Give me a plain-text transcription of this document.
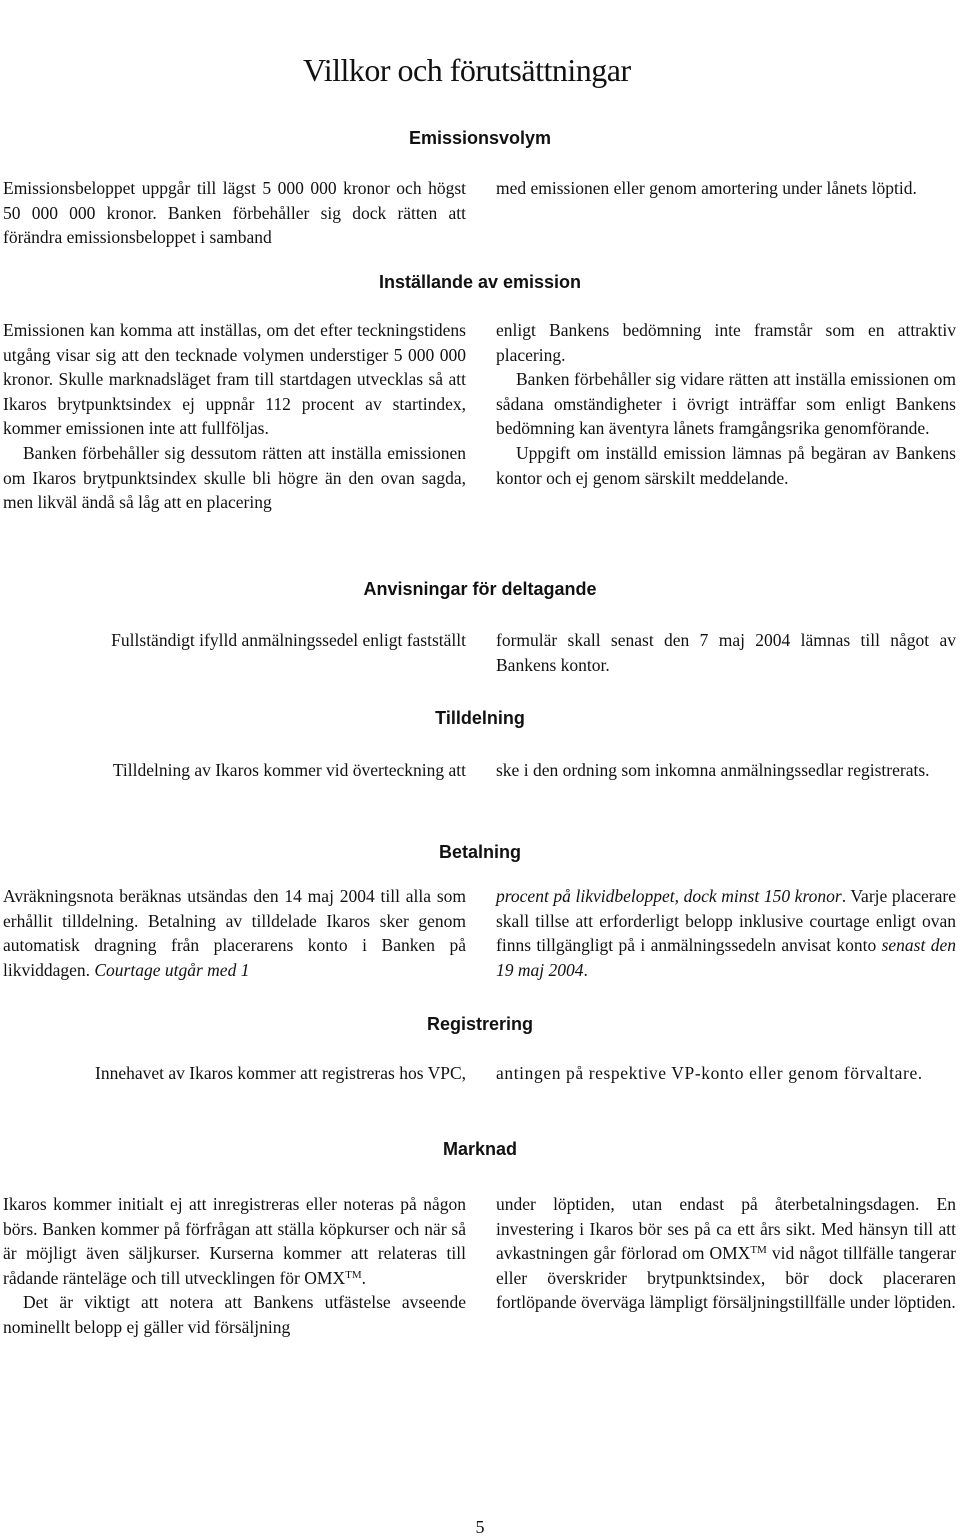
Villkor och förutsättningar
Emissionsvolym

Emissionsbeloppet uppgår till lägst 5 000 000 kronor och högst 50 000 000 kronor. Banken förbehåller sig dock rätten att förändra emissionsbeloppet i samband

med emissionen eller genom amortering under lånets löptid.

Inställande av emission

Emissionen kan komma att inställas, om det efter teckningstidens utgång visar sig att den tecknade volymen understiger 5 000 000 kronor. Skulle marknadsläget fram till startdagen utvecklas så att Ikaros brytpunktsindex ej uppnår 112 procent av startindex, kommer emissionen inte att fullföljas.

Banken förbehåller sig dessutom rätten att inställa emissionen om Ikaros brytpunktsindex skulle bli högre än den ovan sagda, men likväl ändå så låg att en placering

enligt Bankens bedömning inte framstår som en attraktiv placering.

Banken förbehåller sig vidare rätten att inställa emissionen om sådana omständigheter i övrigt inträffar som enligt Bankens bedömning kan äventyra lånets framgångsrika genomförande.

Uppgift om inställd emission lämnas på begäran av Bankens kontor och ej genom särskilt meddelande.

Anvisningar för deltagande

Fullständigt ifylld anmälningssedel enligt fastställt formulär skall senast den 7 maj 2004 lämnas till något av Bankens kontor.

Tilldelning

Tilldelning av Ikaros kommer vid överteckning att ske i den ordning som inkomna anmälningssedlar registrerats.

Betalning

Avräkningsnota beräknas utsändas den 14 maj 2004 till alla som erhållit tilldelning. Betalning av tilldelade Ikaros sker genom automatisk dragning från placerarens konto i Banken på likviddagen. Courtage utgår med 1

procent på likvidbeloppet, dock minst 150 kronor. Varje placerare skall tillse att erforderligt belopp inklusive courtage enligt ovan finns tillgängligt på i anmälningssedeln anvisat konto senast den 19 maj 2004.

Registrering

Innehavet av Ikaros kommer att registreras hos VPC, antingen på respektive VP-konto eller genom förvaltare.

Marknad

Ikaros kommer initialt ej att inregistreras eller noteras på någon börs. Banken kommer på förfrågan att ställa köpkurser och när så är möjligt även säljkurser. Kurserna kommer att relateras till rådande ränteläge och till utvecklingen för OMX™.

Det är viktigt att notera att Bankens utfästelse avseende nominellt belopp ej gäller vid försäljning

under löptiden, utan endast på återbetalningsdagen. En investering i Ikaros bör ses på ca ett års sikt. Med hänsyn till att avkastningen går förlorad om OMX™ vid något tillfälle tangerar eller överskrider brytpunktsindex, bör dock placeraren fortlöpande överväga lämpligt försäljningstillfälle under löptiden.

5
